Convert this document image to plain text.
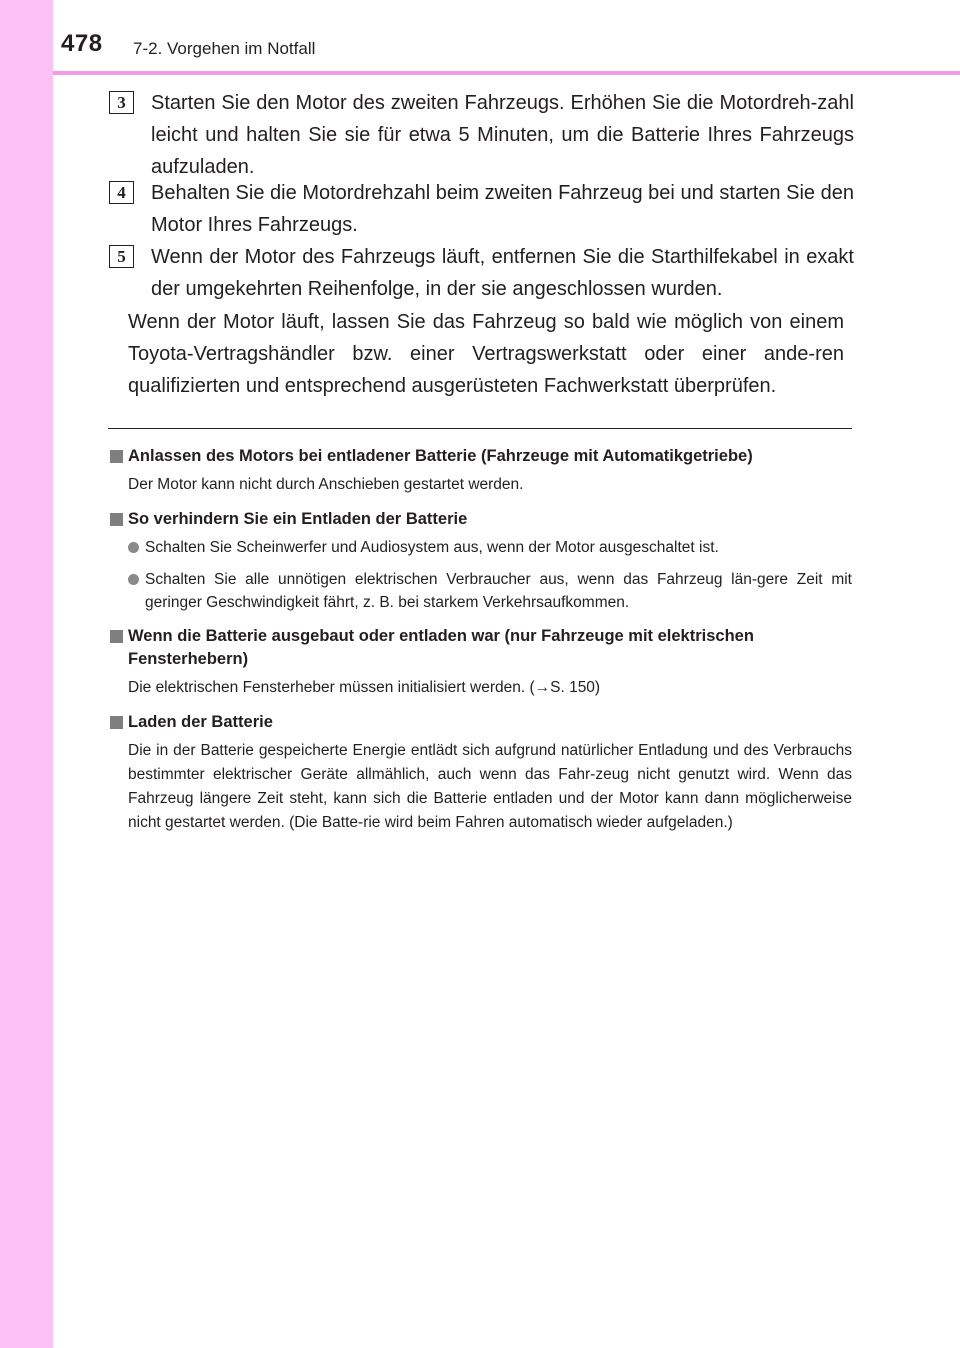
478 7-2. Vorgehen im Notfall
3	Starten Sie den Motor des zweiten Fahrzeugs. Erhöhen Sie die Motordreh-zahl leicht und halten Sie sie für etwa 5 Minuten, um die Batterie Ihres Fahrzeugs aufzuladen.
4	Behalten Sie die Motordrehzahl beim zweiten Fahrzeug bei und starten Sie den Motor Ihres Fahrzeugs.
5	Wenn der Motor des Fahrzeugs läuft, entfernen Sie die Starthilfekabel in exakt der umgekehrten Reihenfolge, in der sie angeschlossen wurden.
Wenn der Motor läuft, lassen Sie das Fahrzeug so bald wie möglich von einem Toyota-Vertragshändler bzw. einer Vertragswerkstatt oder einer ande-ren qualifizierten und entsprechend ausgerüsteten Fachwerkstatt überprüfen.
Anlassen des Motors bei entladener Batterie (Fahrzeuge mit Automatikgetriebe)
Der Motor kann nicht durch Anschieben gestartet werden.
So verhindern Sie ein Entladen der Batterie
Schalten Sie Scheinwerfer und Audiosystem aus, wenn der Motor ausgeschaltet ist.
Schalten Sie alle unnötigen elektrischen Verbraucher aus, wenn das Fahrzeug län-gere Zeit mit geringer Geschwindigkeit fährt, z. B. bei starkem Verkehrsaufkommen.
Wenn die Batterie ausgebaut oder entladen war (nur Fahrzeuge mit elektrischen Fensterhebern)
Die elektrischen Fensterheber müssen initialisiert werden. (→S. 150)
Laden der Batterie
Die in der Batterie gespeicherte Energie entlädt sich aufgrund natürlicher Entladung und des Verbrauchs bestimmter elektrischer Geräte allmählich, auch wenn das Fahr-zeug nicht genutzt wird. Wenn das Fahrzeug längere Zeit steht, kann sich die Batterie entladen und der Motor kann dann möglicherweise nicht gestartet werden. (Die Batte-rie wird beim Fahren automatisch wieder aufgeladen.)
